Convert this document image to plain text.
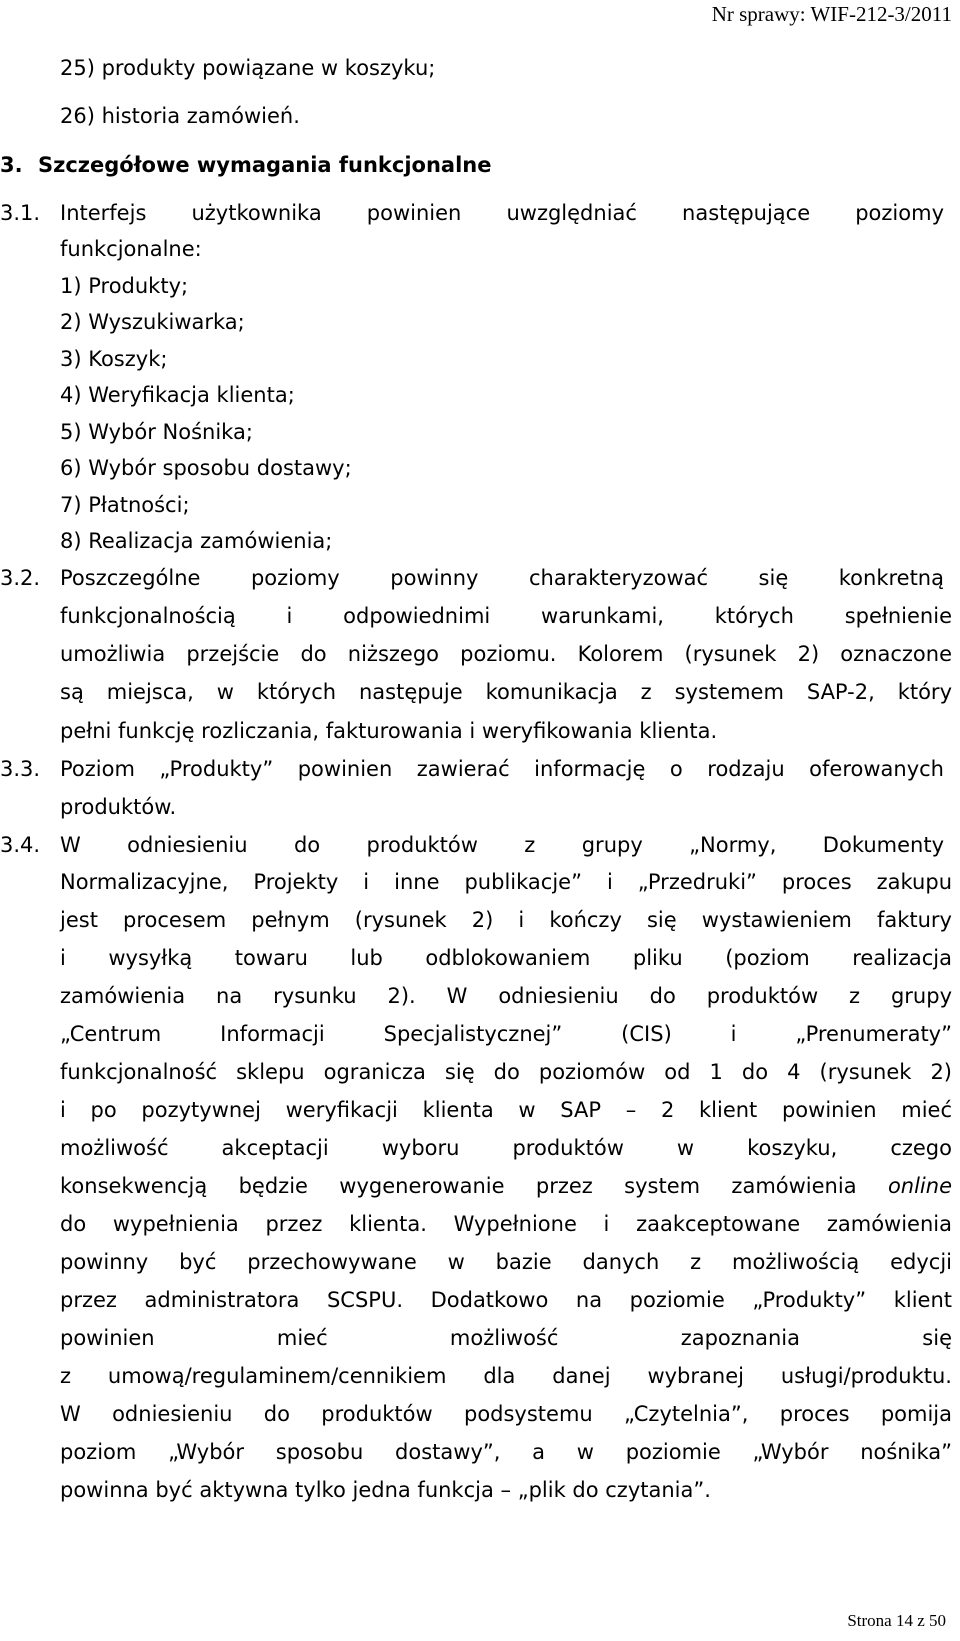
Nr sprawy: WIF-212-3/2011
25) produkty powiązane w koszyku;
26) historia zamówień.
3. Szczegółowe wymagania funkcjonalne
3.1. Interfejs użytkownika powinien uwzględniać następujące poziomy
funkcjonalne:
1) Produkty;
2) Wyszukiwarka;
3) Koszyk;
4) Weryfikacja klienta;
5) Wybór Nośnika;
6) Wybór sposobu dostawy;
7) Płatności;
8) Realizacja zamówienia;
3.2. Poszczególne poziomy powinny charakteryzować się konkretną
funkcjonalnością i odpowiednimi warunkami, których spełnienie
umożliwia przejście do niższego poziomu. Kolorem (rysunek 2) oznaczone
są miejsca, w których następuje komunikacja z systemem SAP-2, który
pełni funkcję rozliczania, fakturowania i weryfikowania klienta.
3.3. Poziom „Produkty” powinien zawierać informację o rodzaju oferowanych
produktów.
3.4. W odniesieniu do produktów z grupy „Normy, Dokumenty
Normalizacyjne, Projekty i inne publikacje” i „Przedruki” proces zakupu
jest procesem pełnym (rysunek 2) i kończy się wystawieniem faktury
i wysyłką towaru lub odblokowaniem pliku (poziom realizacja
zamówienia na rysunku 2). W odniesieniu do produktów z grupy
„Centrum Informacji Specjalistycznej” (CIS) i „Prenumeraty”
funkcjonalność sklepu ogranicza się do poziomów od 1 do 4 (rysunek 2)
i po pozytywnej weryfikacji klienta w SAP – 2 klient powinien mieć
możliwość akceptacji wyboru produktów w koszyku, czego
konsekwencją będzie wygenerowanie przez system zamówienia online
do wypełnienia przez klienta. Wypełnione i zaakceptowane zamówienia
powinny być przechowywane w bazie danych z możliwością edycji
przez administratora SCSPU. Dodatkowo na poziomie „Produkty” klient
powinien mieć możliwość zapoznania się
z umową/regulaminem/cennikiem dla danej wybranej usługi/produktu.
W odniesieniu do produktów podsystemu „Czytelnia”, proces pomija
poziom „Wybór sposobu dostawy”, a w poziomie „Wybór nośnika”
powinna być aktywna tylko jedna funkcja – „plik do czytania”.
Strona 14 z 50
